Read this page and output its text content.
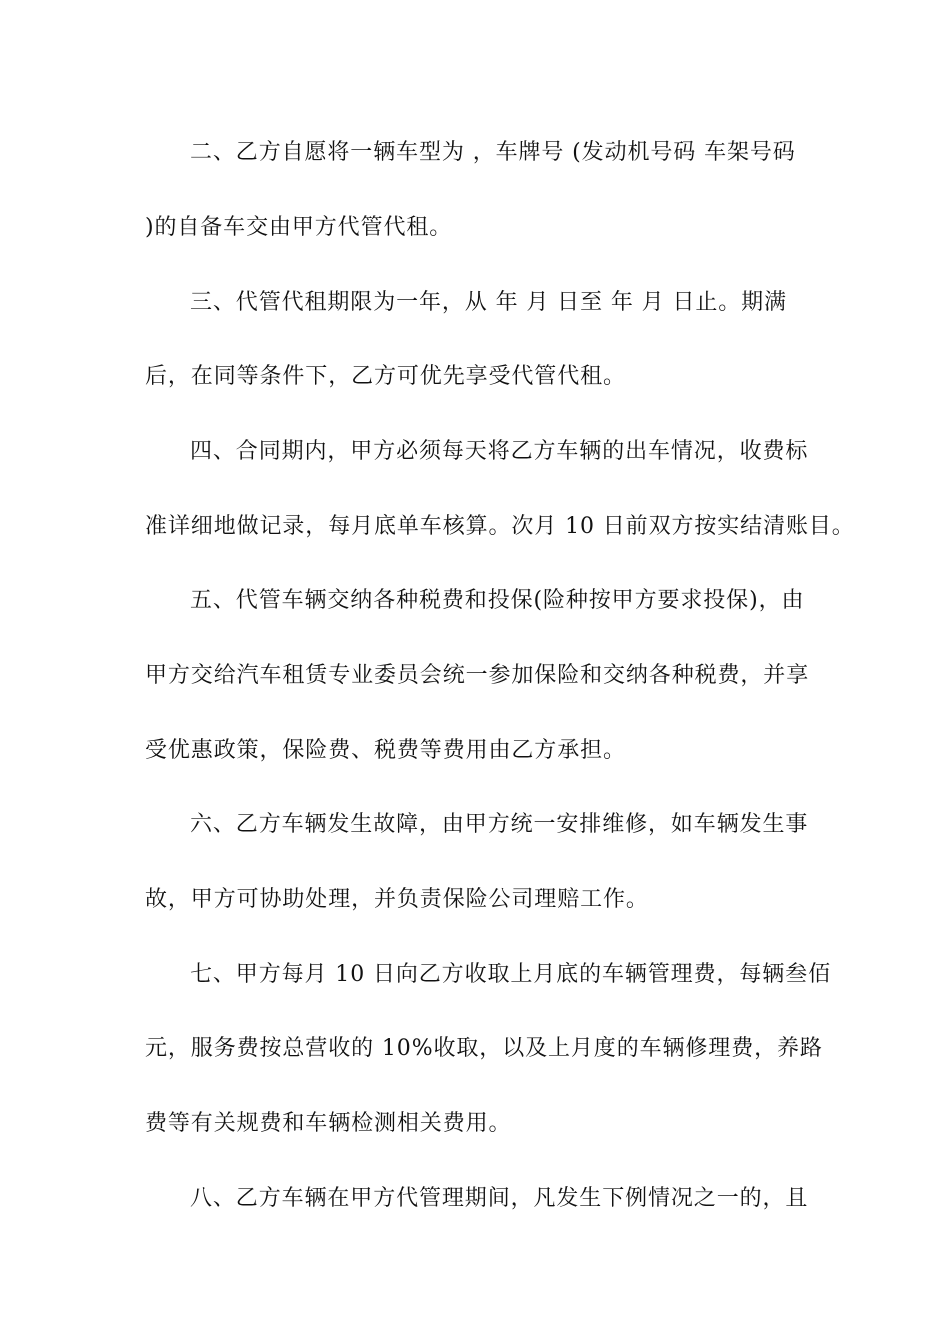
二、乙方自愿将一辆车型为 ，车牌号 (发动机号码 车架号码
)的自备车交由甲方代管代租。
三、代管代租期限为一年，从 年 月 日至 年 月 日止。期满
后，在同等条件下，乙方可优先享受代管代租。
四、合同期内，甲方必须每天将乙方车辆的出车情况，收费标
准详细地做记录，每月底单车核算。次月 10 日前双方按实结清账目。
五、代管车辆交纳各种税费和投保(险种按甲方要求投保)，由
甲方交给汽车租赁专业委员会统一参加保险和交纳各种税费，并享
受优惠政策，保险费、税费等费用由乙方承担。
六、乙方车辆发生故障，由甲方统一安排维修，如车辆发生事
故，甲方可协助处理，并负责保险公司理赔工作。
七、甲方每月 10 日向乙方收取上月底的车辆管理费，每辆叁佰
元，服务费按总营收的 10%收取，以及上月度的车辆修理费，养路
费等有关规费和车辆检测相关费用。
八、乙方车辆在甲方代管理期间，凡发生下例情况之一的，且
